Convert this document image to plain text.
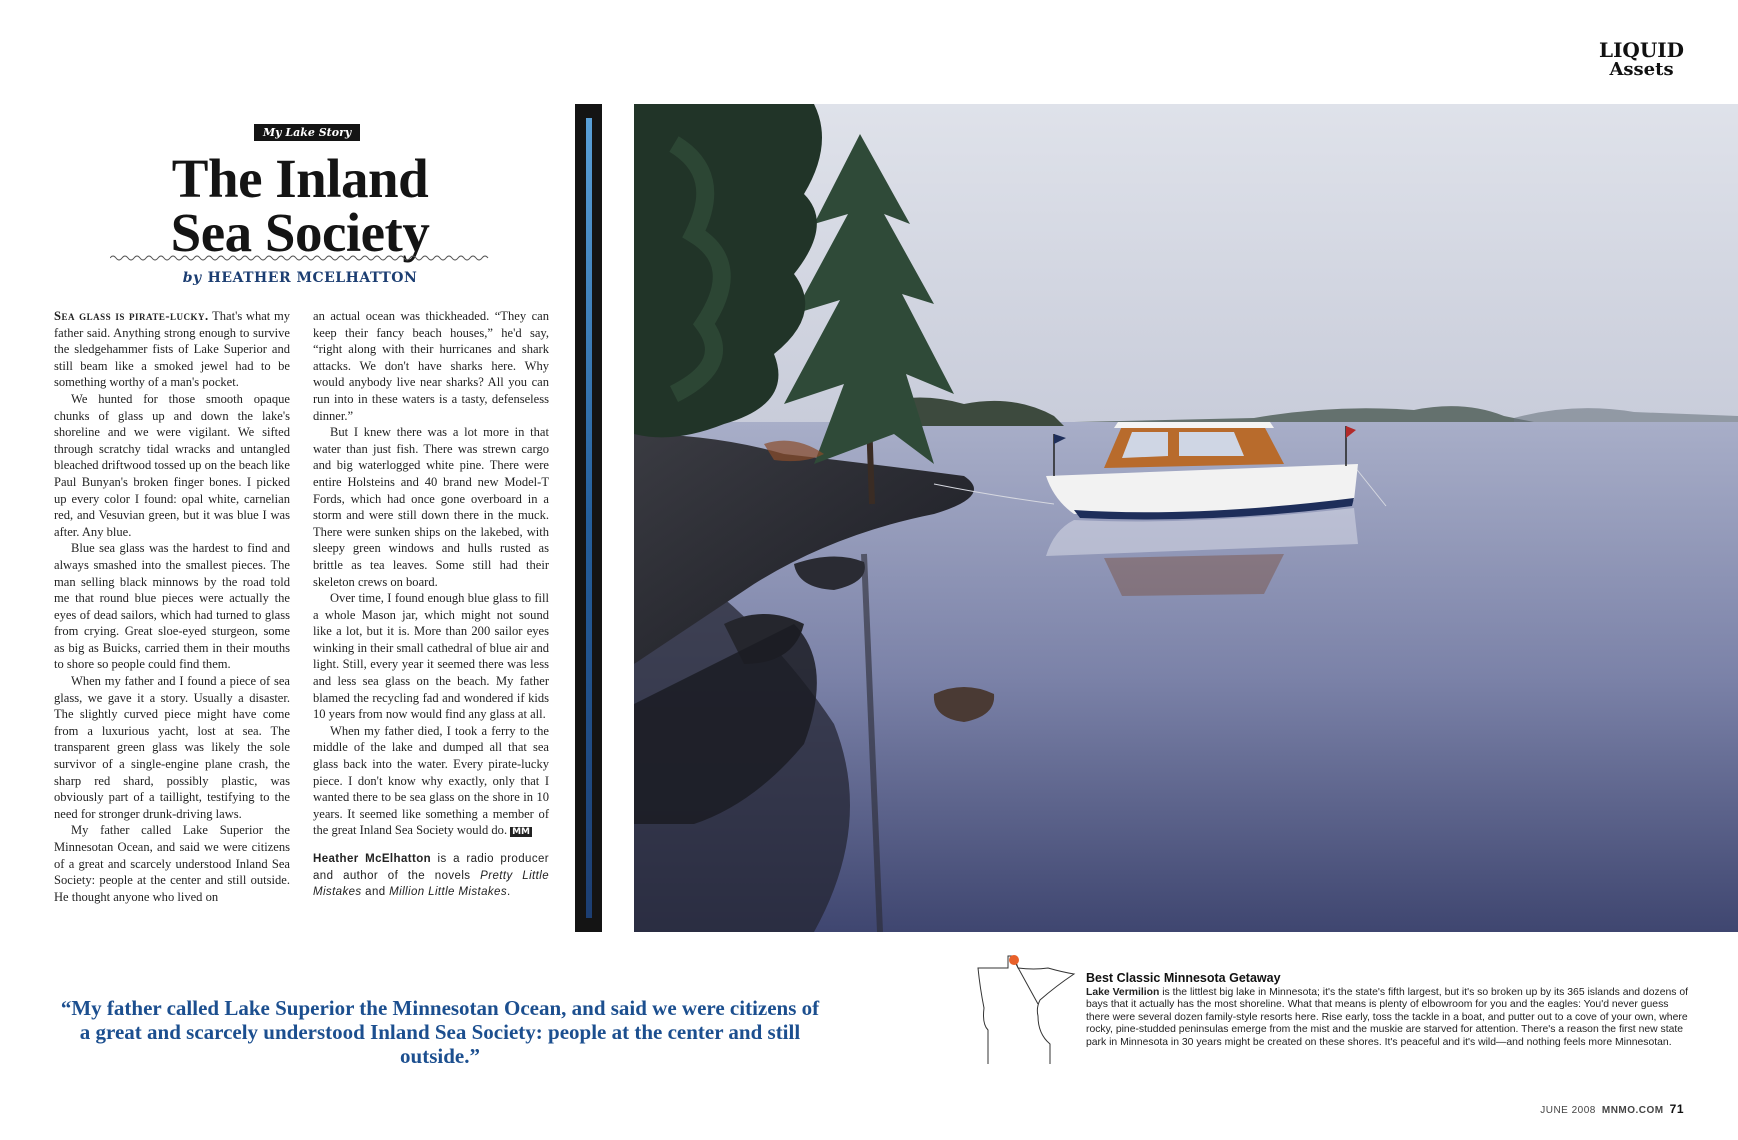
LIQUID
Assets
My Lake Story
The Inland
Sea Society
by HEATHER MCELHATTON

Sea glass is pirate-lucky. That's what my father said. Anything strong enough to survive the sledgehammer fists of Lake Superior and still beam like a smoked jewel had to be something worthy of a man's pocket.

We hunted for those smooth opaque chunks of glass up and down the lake's shoreline and we were vigilant. We sifted through scratchy tidal wracks and untangled bleached driftwood tossed up on the beach like Paul Bunyan's broken finger bones. I picked up every color I found: opal white, carnelian red, and Vesuvian green, but it was blue I was after. Any blue.

Blue sea glass was the hardest to find and always smashed into the smallest pieces. The man selling black minnows by the road told me that round blue pieces were actually the eyes of dead sailors, which had turned to glass from crying. Great sloe-eyed sturgeon, some as big as Buicks, carried them in their mouths to shore so people could find them.

When my father and I found a piece of sea glass, we gave it a story. Usually a disaster. The slightly curved piece might have come from a luxurious yacht, lost at sea. The transparent green glass was likely the sole survivor of a single-engine plane crash, the sharp red shard, possibly plastic, was obviously part of a taillight, testifying to the need for stronger drunk-driving laws.

My father called Lake Superior the Minnesotan Ocean, and said we were citizens of a great and scarcely understood Inland Sea Society: people at the center and still outside. He thought anyone who lived on

an actual ocean was thickheaded. “They can keep their fancy beach houses,” he'd say, “right along with their hurricanes and shark attacks. We don't have sharks here. Why would anybody live near sharks? All you can run into in these waters is a tasty, defenseless dinner.”

But I knew there was a lot more in that water than just fish. There was strewn cargo and big waterlogged white pine. There were entire Holsteins and 40 brand new Model-T Fords, which had once gone overboard in a storm and were still down there in the muck. There were sunken ships on the lakebed, with sleepy green windows and hulls rusted as brittle as tea leaves. Some still had their skeleton crews on board.

Over time, I found enough blue glass to fill a whole Mason jar, which might not sound like a lot, but it is. More than 200 sailor eyes winking in their small cathedral of blue air and light. Still, every year it seemed there was less and less sea glass on the beach. My father blamed the recycling fad and wondered if kids 10 years from now would find any glass at all.

When my father died, I took a ferry to the middle of the lake and dumped all that sea glass back into the water. Every pirate-lucky piece. I don't know why exactly, only that I wanted there to be sea glass on the shore in 10 years. It seemed like something a member of the great Inland Sea Society would do. MM

Heather McElhatton is a radio producer and author of the novels Pretty Little Mistakes and Million Little Mistakes.

“My father called Lake Superior the Minnesotan Ocean, and said we were citizens of a great and scarcely understood Inland Sea Society: people at the center and still outside.”
Best Classic Minnesota Getaway

Lake Vermilion is the littlest big lake in Minnesota; it's the state's fifth largest, but it's so broken up by its 365 islands and dozens of bays that it actually has the most shoreline. What that means is plenty of elbowroom for you and the eagles: You'd never guess there were several dozen family-style resorts here. Rise early, toss the tackle in a boat, and putter out to a cove of your own, where rocky, pine-studded peninsulas emerge from the mist and the muskie are starved for attention. There's a reason the first new state park in Minnesota in 30 years might be created on these shores. It's peaceful and it's wild—and nothing feels more Minnesotan.

JUNE 2008 MNMO.COM 71
